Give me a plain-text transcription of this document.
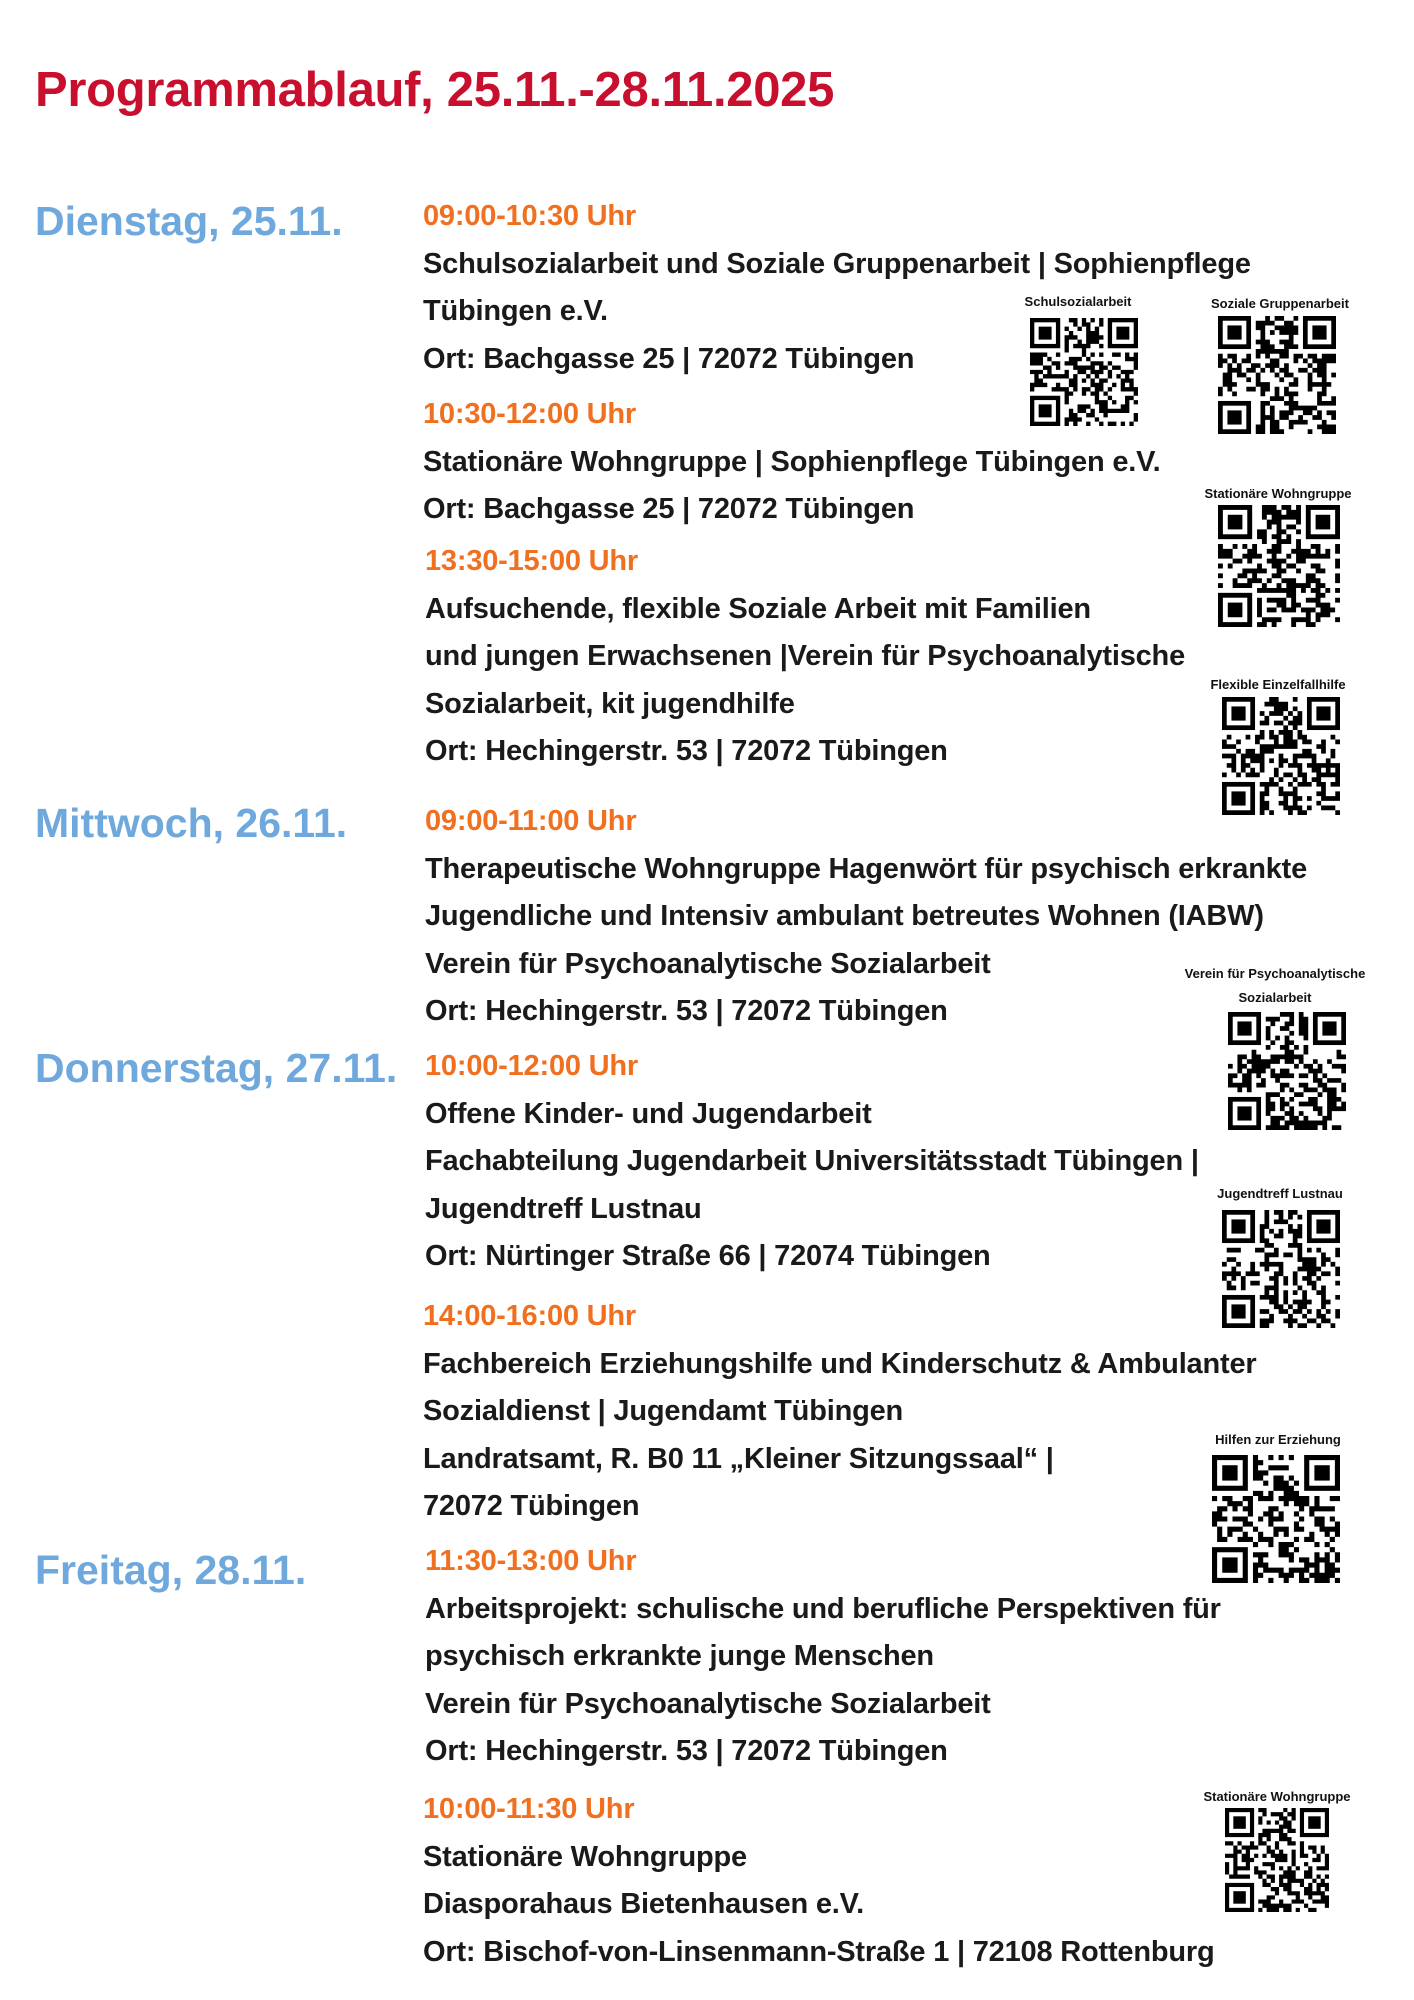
Programmablauf, 25.11.-28.11.2025
Dienstag, 25.11.
Mittwoch, 26.11.
Donnerstag, 27.11.
Freitag, 28.11.
09:00-10:30 Uhr
Schulsozialarbeit und Soziale Gruppenarbeit | Sophienpflege
Tübingen e.V.
Ort: Bachgasse 25 | 72072 Tübingen
10:30-12:00 Uhr
Stationäre Wohngruppe | Sophienpflege Tübingen e.V.
Ort: Bachgasse 25 | 72072 Tübingen
13:30-15:00 Uhr
Aufsuchende, flexible Soziale Arbeit mit Familien
und jungen Erwachsenen |Verein für Psychoanalytische
Sozialarbeit, kit jugendhilfe
Ort: Hechingerstr. 53 | 72072 Tübingen
09:00-11:00 Uhr
Therapeutische Wohngruppe Hagenwört für psychisch erkrankte
Jugendliche und Intensiv ambulant betreutes Wohnen (IABW)
Verein für Psychoanalytische Sozialarbeit
Ort: Hechingerstr. 53 | 72072 Tübingen
10:00-12:00 Uhr
Offene Kinder- und Jugendarbeit
Fachabteilung Jugendarbeit Universitätsstadt Tübingen |
Jugendtreff Lustnau
Ort: Nürtinger Straße 66 | 72074 Tübingen
14:00-16:00 Uhr
Fachbereich Erziehungshilfe und Kinderschutz & Ambulanter
Sozialdienst | Jugendamt Tübingen
Landratsamt, R. B0 11 „Kleiner Sitzungssaal“ |
72072 Tübingen
11:30-13:00 Uhr
Arbeitsprojekt: schulische und berufliche Perspektiven für
psychisch erkrankte junge Menschen
Verein für Psychoanalytische Sozialarbeit
Ort: Hechingerstr. 53 | 72072 Tübingen
10:00-11:30 Uhr
Stationäre Wohngruppe
Diasporahaus Bietenhausen e.V.
Ort: Bischof-von-Linsenmann-Straße 1 | 72108 Rottenburg
Schulsozialarbeit	Soziale Gruppenarbeit
Stationäre Wohngruppe
Flexible Einzelfallhilfe
Verein für Psychoanalytische
Sozialarbeit
Jugendtreff Lustnau
Hilfen zur Erziehung
Stationäre Wohngruppe
